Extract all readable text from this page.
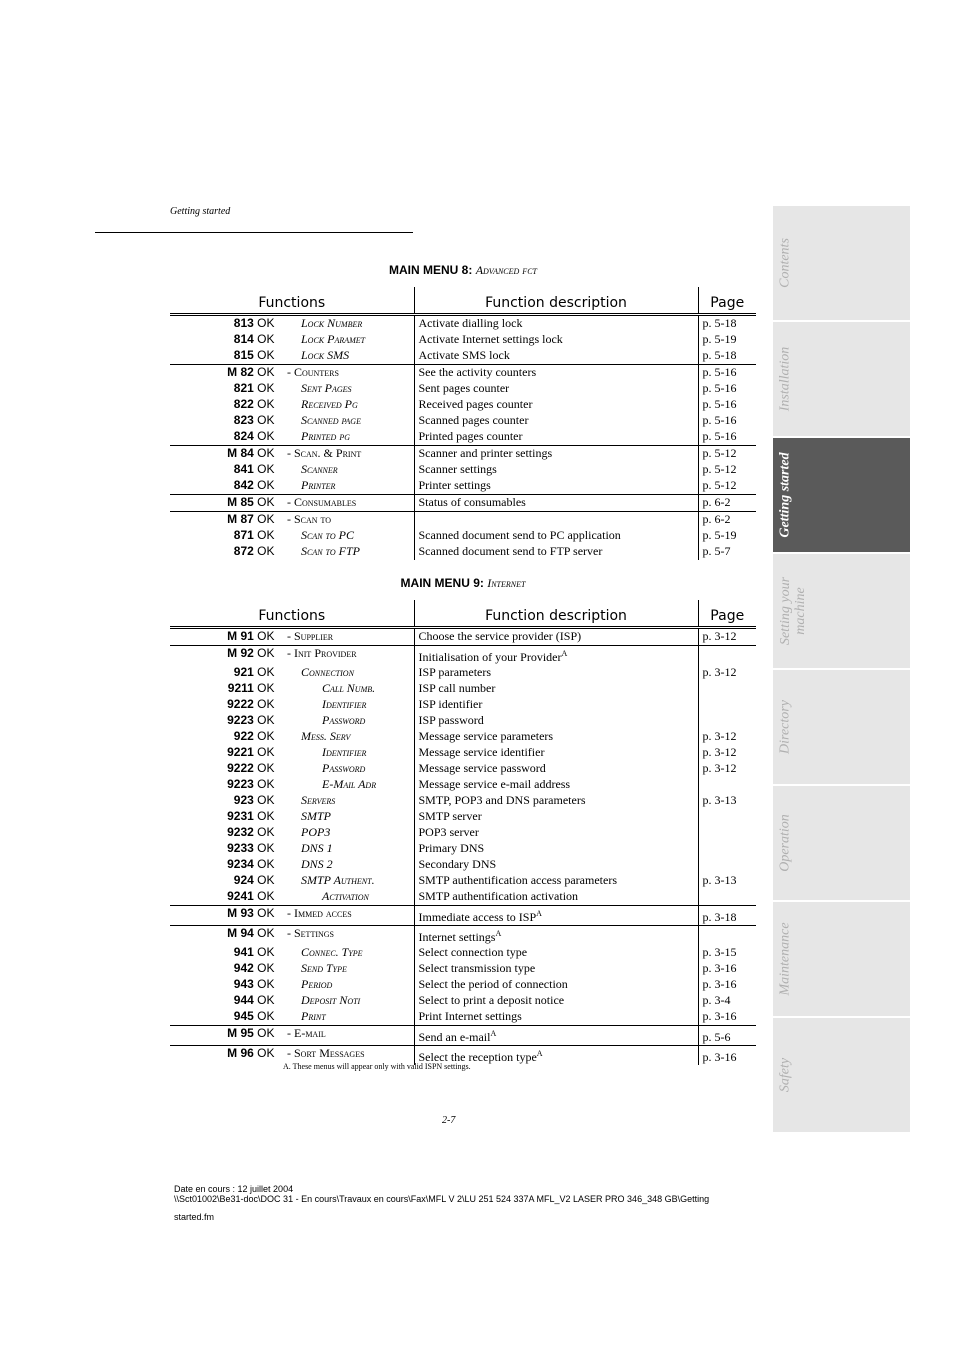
Getting started
MAIN MENU 8: Advanced fct
Functions	Function description	Page

813 OK Lock Number	Activate dialling lock	p. 5-18

814 OK Lock Paramet	Activate Internet settings lock	p. 5-19

815 OK Lock SMS	Activate SMS lock	p. 5-18

M 82 OK - Counters	See the activity counters	p. 5-16

821 OK Sent Pages	Sent pages counter	p. 5-16

822 OK Received Pg	Received pages counter	p. 5-16

823 OK Scanned page	Scanned pages counter	p. 5-16

824 OK Printed pg	Printed pages counter	p. 5-16

M 84 OK - Scan. & Print	Scanner and printer settings	p. 5-12

841 OK Scanner	Scanner settings	p. 5-12

842 OK Printer	Printer settings	p. 5-12

M 85 OK - Consumables	Status of consumables	p. 6-2

M 87 OK - Scan to		p. 6-2

871 OK Scan to PC	Scanned document send to PC application	p. 5-19

872 OK Scan to FTP	Scanned document send to FTP server	p. 5-7
MAIN MENU 9: Internet
Functions	Function description	Page

M 91 OK - Supplier	Choose the service provider (ISP)	p. 3-12

M 92 OK - Init Provider	Initialisation of your Provider$^A$	

921 OK Connection	ISP parameters	p. 3-12

9211 OK Call Numb.	ISP call number	

9222 OK Identifier	ISP identifier	

9223 OK Password	ISP password	

922 OK Mess. Serv	Message service parameters	p. 3-12

9221 OK Identifier	Message service identifier	p. 3-12

9222 OK Password	Message service password	p. 3-12

9223 OK E-Mail Adr	Message service e-mail address	

923 OK Servers	SMTP, POP3 and DNS parameters	p. 3-13

9231 OK SMTP	SMTP server	

9232 OK POP3	POP3 server	

9233 OK DNS 1	Primary DNS	

9234 OK DNS 2	Secondary DNS	

924 OK SMTP Authent.	SMTP authentification access parameters	p. 3-13

9241 OK Activation	SMTP authentification activation	

M 93 OK - Immed acces	Immediate access to $ISP^A$	p. 3-18

M 94 OK - Settings	Internet settings$^A$	

941 OK Connec. Type	Select connection type	p. 3-15

942 OK Send Type	Select transmission type	p. 3-16

943 OK Period	Select the period of connection	p. 3-16

944 OK Deposit Noti	Select to print a deposit notice	p. 3-4

945 OK Print	Print Internet settings	p. 3-16

M 95 OK - E-mail	Send an e-mail$^A$	p. 5-6

M 96 OK - Sort Messages	Select the reception type$^A$	p. 3-16
A. These menus will appear only with valid ISPN settings.
2-7
Date en cours : 12 juillet 2004
\\Sct01002\Be31-doc\DOC 31 - En cours\Travaux en cours\Fax\MFL V 2\LU 251 524 337A MFL_V2 LASER PRO 346_348 GB\Getting
started.fm
Contents
Installation
Getting started
Setting your machine
Directory
Operation
Maintenance
Safety
